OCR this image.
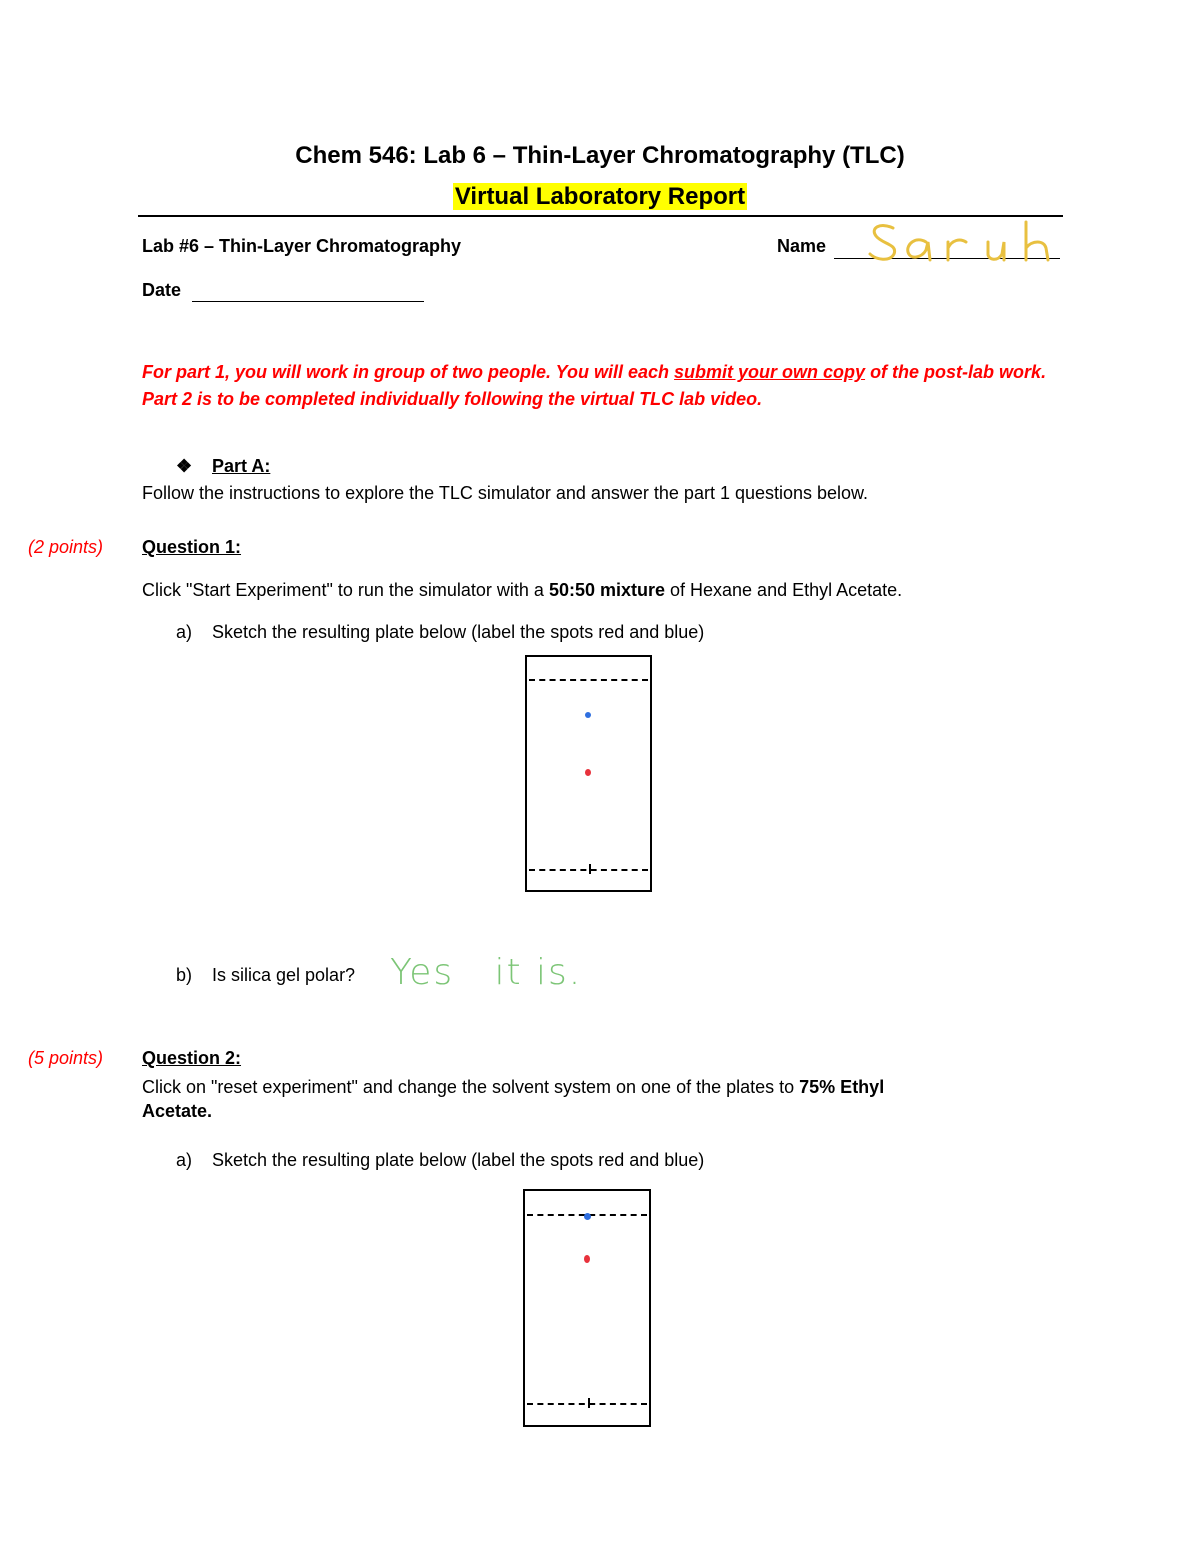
Chem 546: Lab 6 – Thin-Layer Chromatography (TLC)
Virtual Laboratory Report
Lab #6 – Thin-Layer Chromatography	Name
Date
For part 1, you will work in group of two people. You will each submit your own copy of the post-lab work. Part 2 is to be completed individually following the virtual TLC lab video.
❖ Part A:
Follow the instructions to explore the TLC simulator and answer the part 1 questions below.
(2 points) Question 1:
Click "Start Experiment" to run the simulator with a 50:50 mixture of Hexane and Ethyl Acetate.
a) Sketch the resulting plate below (label the spots red and blue)
b) Is silica gel polar? Yes   it is.
(5 points) Question 2:
Click on "reset experiment" and change the solvent system on one of the plates to 75% Ethyl
Acetate.
a) Sketch the resulting plate below (label the spots red and blue)
